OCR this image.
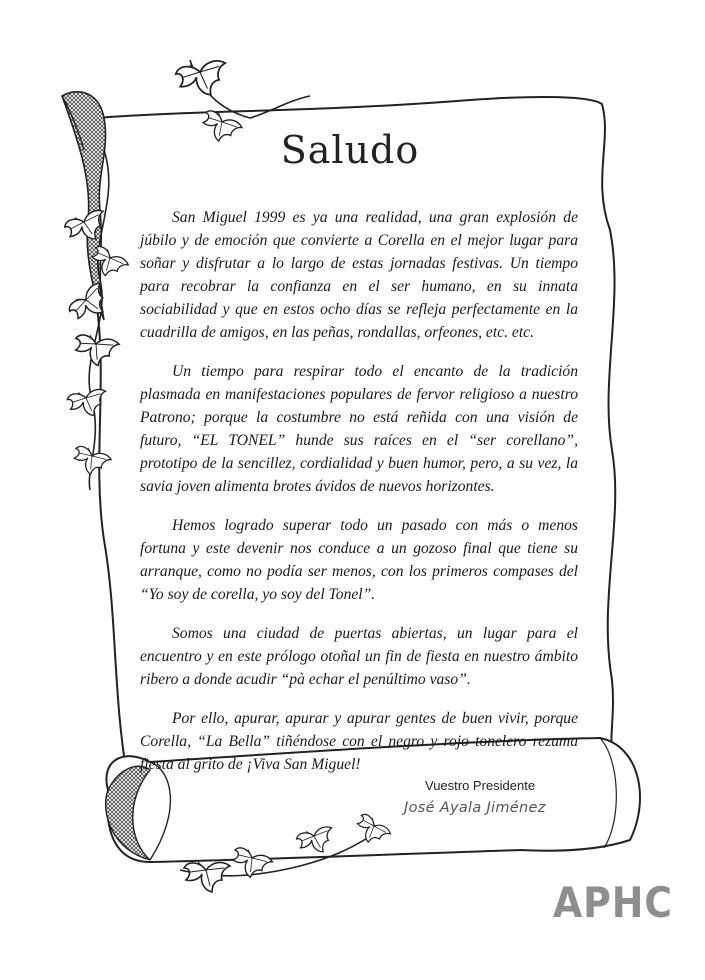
Saludo

San Miguel 1999 es ya una realidad, una gran explosión de júbilo y de emoción que convierte a Corella en el mejor lugar para soñar y disfrutar a lo largo de estas jornadas festivas. Un tiempo para recobrar la confianza en el ser humano, en su innata sociabilidad y que en estos ocho días se refleja perfectamente en la cuadrilla de amigos, en las peñas, rondallas, orfeones, etc. etc.

Un tiempo para respirar todo el encanto de la tradición plasmada en manifestaciones populares de fervor religioso a nuestro Patrono; porque la costumbre no está reñida con una visión de futuro, “EL TONEL” hunde sus raíces en el “ser corellano”, prototipo de la sencillez, cordialidad y buen humor, pero, a su vez, la savia joven alimenta brotes ávidos de nuevos horizontes.

Hemos logrado superar todo un pasado con más o menos fortuna y este devenir nos conduce a un gozoso final que tiene su arranque, como no podía ser menos, con los primeros compases del “Yo soy de corella, yo soy del Tonel”.

Somos una ciudad de puertas abiertas, un lugar para el encuentro y en este prólogo otoñal un fin de fiesta en nuestro ámbito ribero a donde acudir “pà echar el penúltimo vaso”.

Por ello, apurar, apurar y apurar gentes de buen vivir, porque Corella, “La Bella” tiñéndose con el negro y rojo tonelero rezuma fiesta al grito de ¡Viva San Miguel!

Vuestro Presidente
José Ayala Jiménez
APHC
